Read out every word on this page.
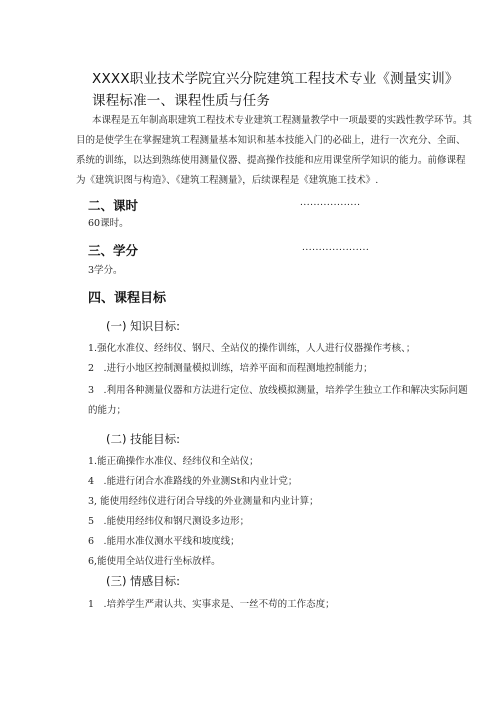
XXXX职业技术学院宜兴分院建筑工程技术专业《测量实训》
课程标准一、课程性质与任务
本课程是五年制高职建筑工程技术专业建筑工程测量教学中一项最要的实践性教学环节。其目的是使学生在掌握建筑工程测量基本知识和基本技能入门的必础上，进行一次充分、全面、系统的训练，以达到熟练使用测量仪器、提高操作技能和应用课堂所学知识的能力。前修课程为《建筑识图与构造》、《建筑工程测量》，后续课程是《建筑施工技术》.
二、课时	..................
60课时。
三、学分	....................
3学分。
四、课程目标
(一) 知识目标:
1.强化水准仪、经纬仪、钢尺、全站仪的操作训练，人人进行仪器操作考核、；
2　.进行小地区控制测量模拟训练，培养平面和而程测地控制能力；
3　.利用各种测量仪器和方法进行定位、放线模拟测量，培养学生独立工作和解决实际问题的能力；
(二) 技能目标:
1.能正确操作水准仪、经纬仪和全站仪；
4　.能进行闭合水准路线的外业测St和内业计党；
3, 能使用经纬仪进行闭合导线的外业测量和内业计算；
5　.能使用经纬仪和钢尺测设多边形；
6　.能用水准仪测水平线和坡度线；
6,能使用全站仪进行坐标放样。
(三) 情感目标:
1　.培养学生严肃认共、实事求是、一丝不苟的工作态度；
